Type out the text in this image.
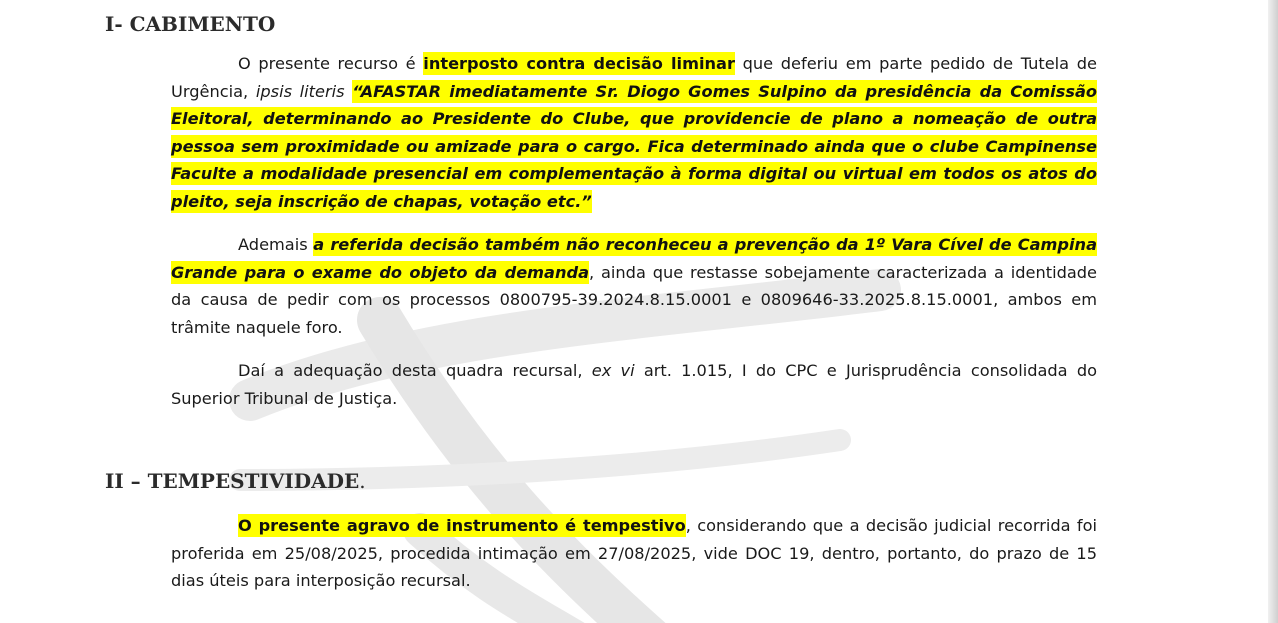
I- CABIMENTO
O presente recurso é interposto contra decisão liminar que deferiu em parte pedido de Tutela de Urgência, ipsis literis “AFASTAR imediatamente Sr. Diogo Gomes Sulpino da presidência da Comissão Eleitoral, determinando ao Presidente do Clube, que providencie de plano a nomeação de outra pessoa sem proximidade ou amizade para o cargo. Fica determinado ainda que o clube Campinense Faculte a modalidade presencial em complementação à forma digital ou virtual em todos os atos do pleito, seja inscrição de chapas, votação etc.”
Ademais a referida decisão também não reconheceu a prevenção da 1º Vara Cível de Campina Grande para o exame do objeto da demanda, ainda que restasse sobejamente caracterizada a identidade da causa de pedir com os processos 0800795-39.2024.8.15.0001 e 0809646-33.2025.8.15.0001, ambos em trâmite naquele foro.
Daí a adequação desta quadra recursal, ex vi art. 1.015, I do CPC e Jurisprudência consolidada do Superior Tribunal de Justiça.
II – TEMPESTIVIDADE.
O presente agravo de instrumento é tempestivo, considerando que a decisão judicial recorrida foi proferida em 25/08/2025, procedida intimação em 27/08/2025, vide DOC 19, dentro, portanto, do prazo de 15 dias úteis para interposição recursal.
